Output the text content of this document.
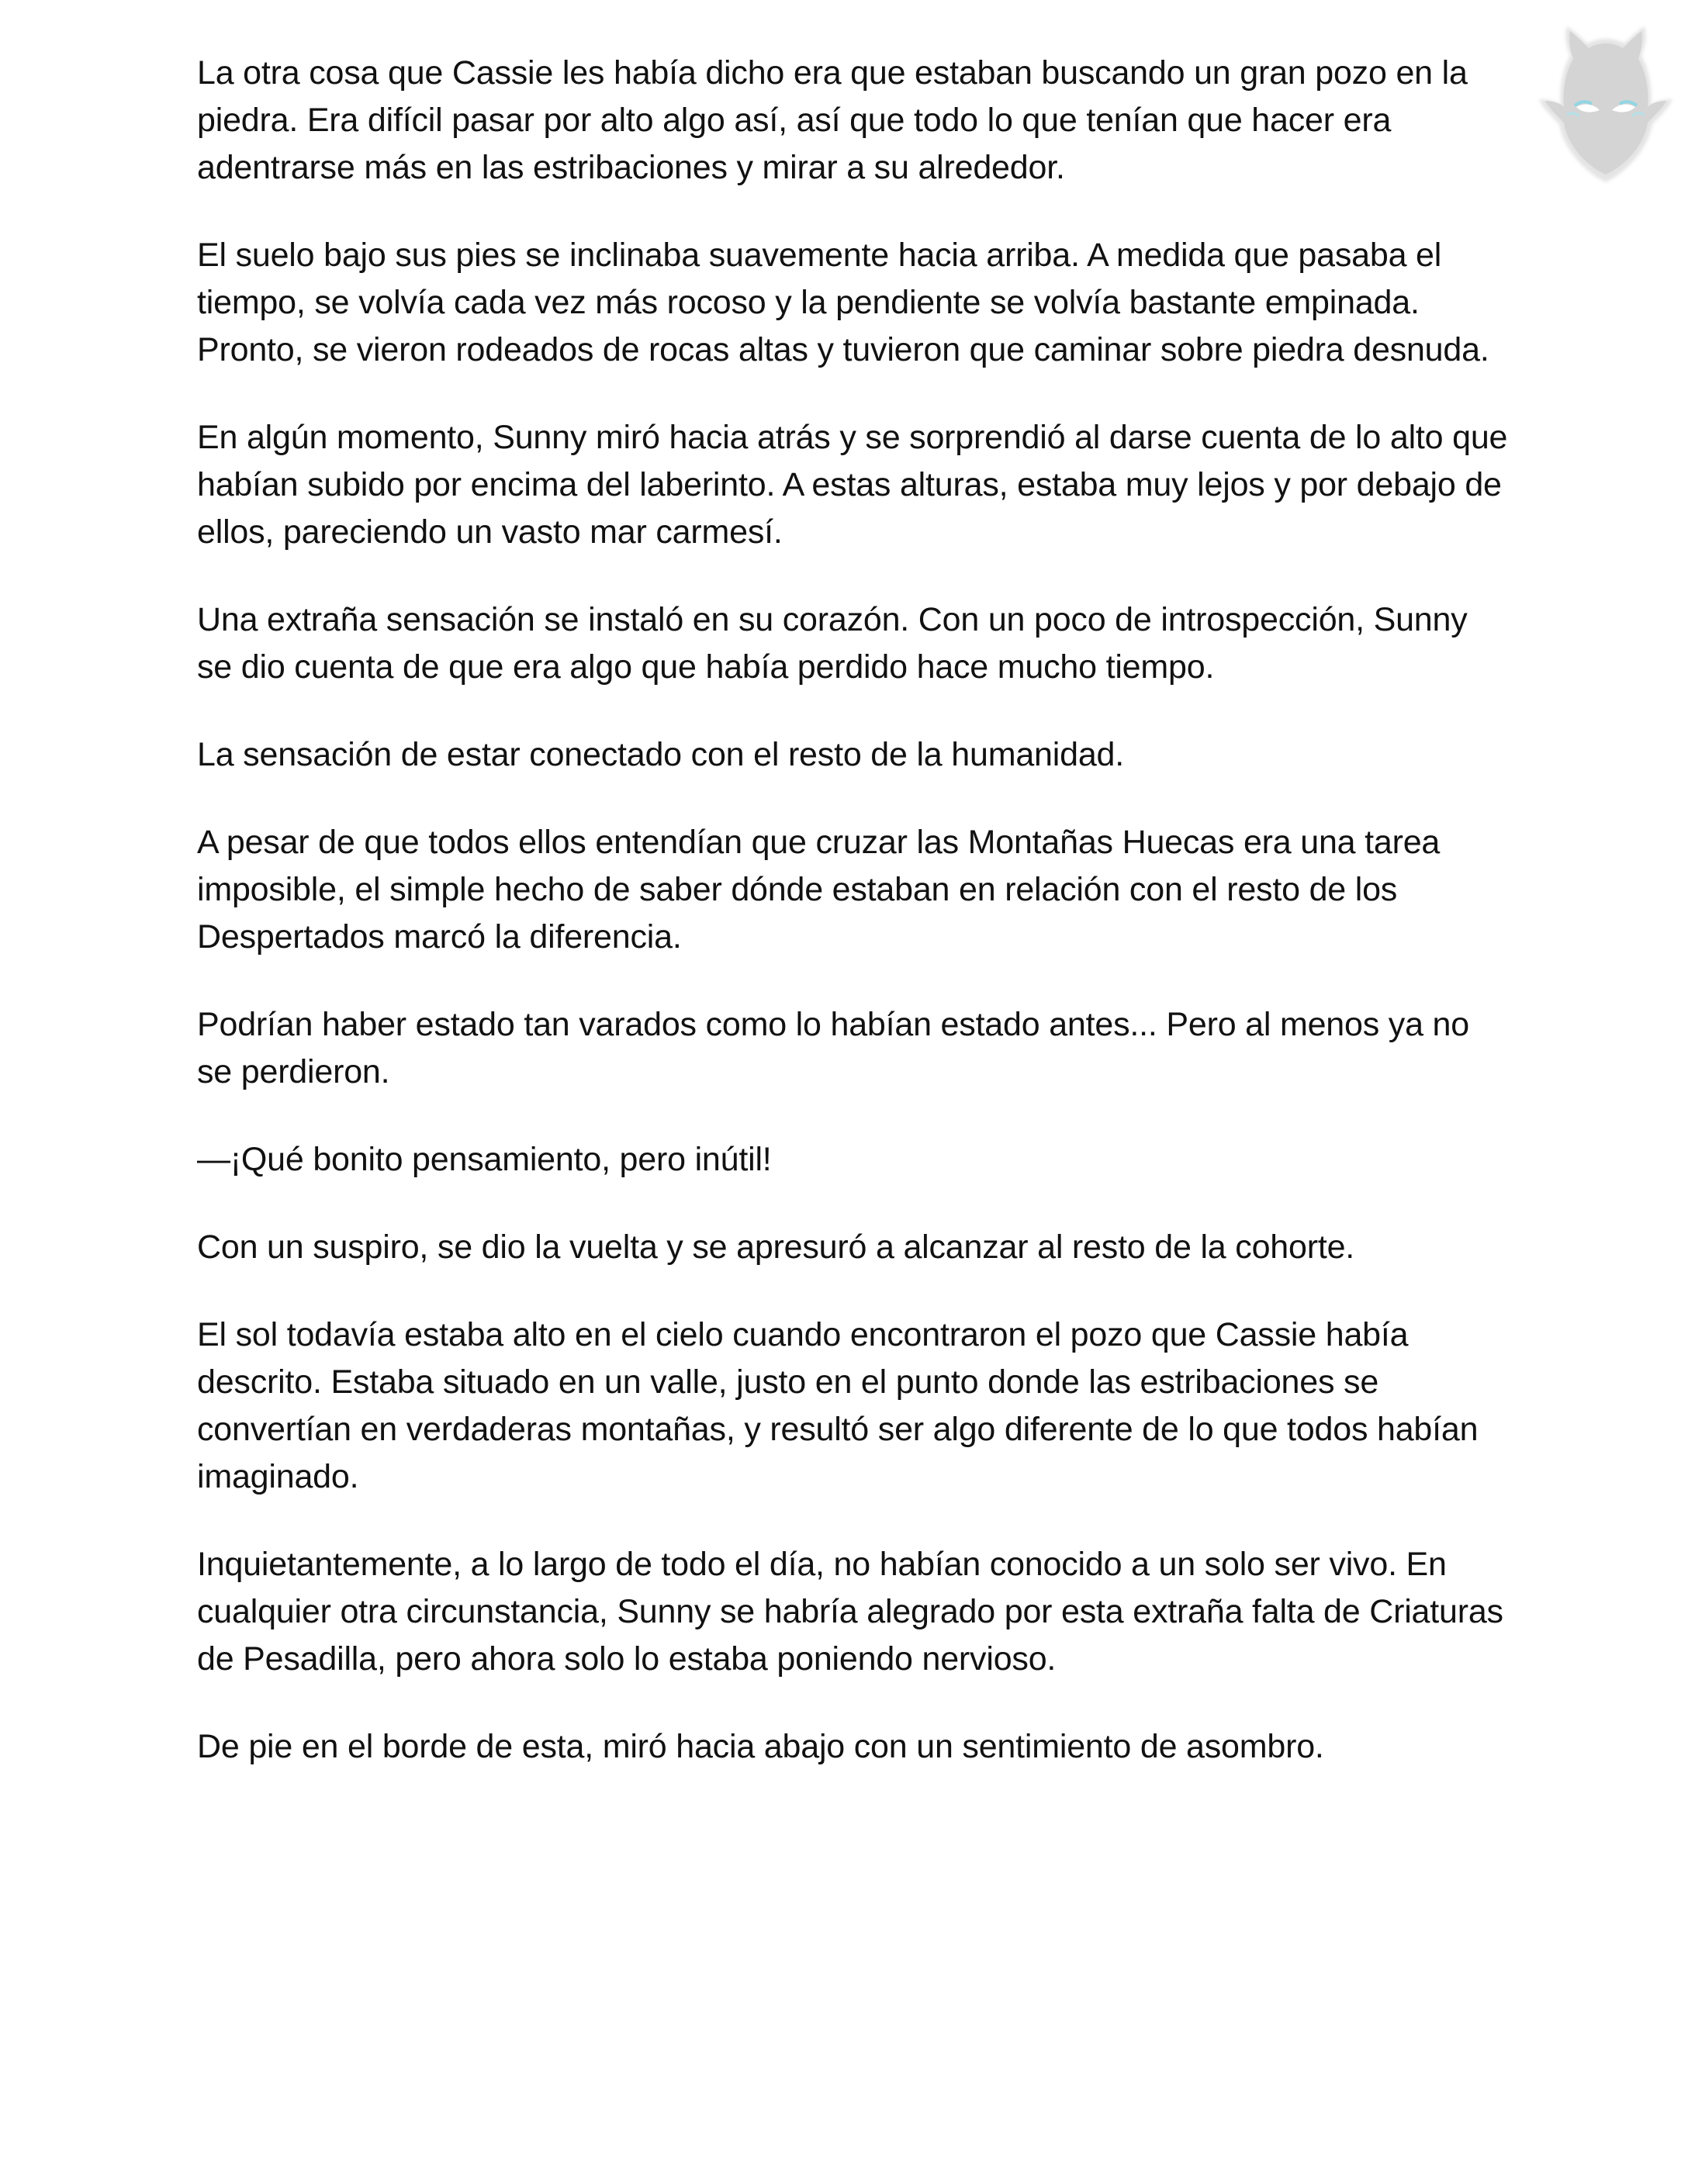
La otra cosa que Cassie les había dicho era que estaban buscando un gran pozo en la piedra. Era difícil pasar por alto algo así, así que todo lo que tenían que hacer era adentrarse más en las estribaciones y mirar a su alrededor.

El suelo bajo sus pies se inclinaba suavemente hacia arriba. A medida que pasaba el tiempo, se volvía cada vez más rocoso y la pendiente se volvía bastante empinada. Pronto, se vieron rodeados de rocas altas y tuvieron que caminar sobre piedra desnuda.

En algún momento, Sunny miró hacia atrás y se sorprendió al darse cuenta de lo alto que habían subido por encima del laberinto. A estas alturas, estaba muy lejos y por debajo de ellos, pareciendo un vasto mar carmesí.

Una extraña sensación se instaló en su corazón. Con un poco de introspección, Sunny se dio cuenta de que era algo que había perdido hace mucho tiempo.

La sensación de estar conectado con el resto de la humanidad.

A pesar de que todos ellos entendían que cruzar las Montañas Huecas era una tarea imposible, el simple hecho de saber dónde estaban en relación con el resto de los Despertados marcó la diferencia.

Podrían haber estado tan varados como lo habían estado antes... Pero al menos ya no se perdieron.

—¡Qué bonito pensamiento, pero inútil!

Con un suspiro, se dio la vuelta y se apresuró a alcanzar al resto de la cohorte.

El sol todavía estaba alto en el cielo cuando encontraron el pozo que Cassie había descrito. Estaba situado en un valle, justo en el punto donde las estribaciones se convertían en verdaderas montañas, y resultó ser algo diferente de lo que todos habían imaginado.

Inquietantemente, a lo largo de todo el día, no habían conocido a un solo ser vivo. En cualquier otra circunstancia, Sunny se habría alegrado por esta extraña falta de Criaturas de Pesadilla, pero ahora solo lo estaba poniendo nervioso.

De pie en el borde de esta, miró hacia abajo con un sentimiento de asombro.
